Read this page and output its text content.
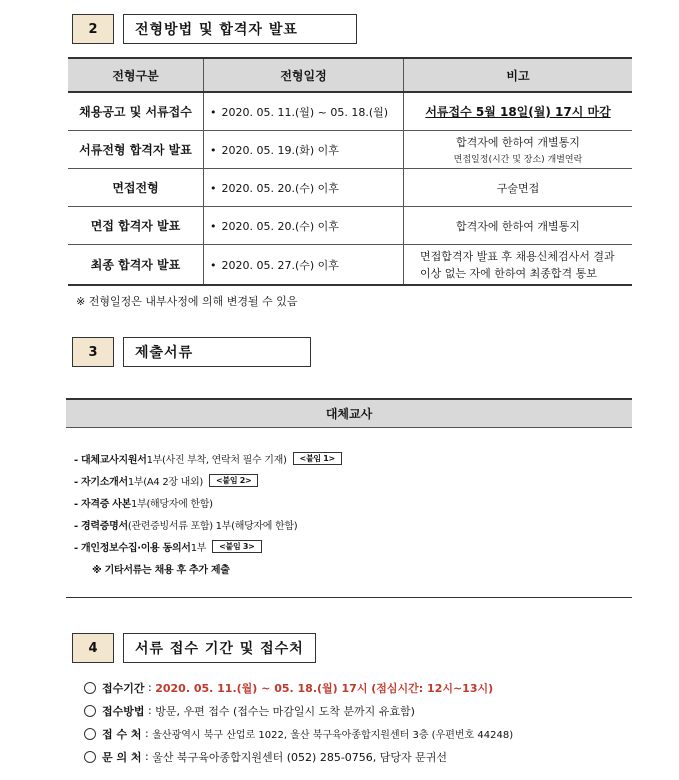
2	전형방법 및 합격자 발표
전형구분	전형일정	비고
채용공고 및 서류접수	• 2020. 05. 11.(월) ~ 05. 18.(월)	서류접수 5월 18일(월) 17시 마감
서류전형 합격자 발표	• 2020. 05. 19.(화) 이후	합격자에 한하여 개별통지
면접일정(시간 및 장소) 개별연락

면접전형	• 2020. 05. 20.(수) 이후	구술면접
면접 합격자 발표	• 2020. 05. 20.(수) 이후	합격자에 한하여 개별통지
최종 합격자 발표	• 2020. 05. 27.(수) 이후	면접합격자 발표 후 채용신체검사서 결과
이상 없는 자에 한하여 최종합격 통보
※ 전형일정은 내부사정에 의해 변경될 수 있음
3	제출서류
대체교사
- 대체교사지원서 1부(사진 부착, 연락처 필수 기재)	<붙임 1>
- 자기소개서 1부(A4 2장 내외)	<붙임 2>
- 자격증 사본 1부(해당자에 한함)
- 경력증명서 (관련증빙서류 포함) 1부(해당자에 한함)
- 개인정보수집·이용 동의서 1부	<붙임 3>
※ 기타서류는 채용 후 추가 제출
4	서류 접수 기간 및 접수처
접수기간 : 2020. 05. 11.(월) ~ 05. 18.(월) 17시 (점심시간: 12시~13시)
접수방법 : 방문, 우편 접수 (접수는 마감일시 도착 분까지 유효함)
접 수 처 : 울산광역시 북구 산업로 1022, 울산 북구육아종합지원센터 3층 (우편번호 44248)
문 의 처 : 울산 북구육아종합지원센터 (052) 285-0756, 담당자 문귀선
